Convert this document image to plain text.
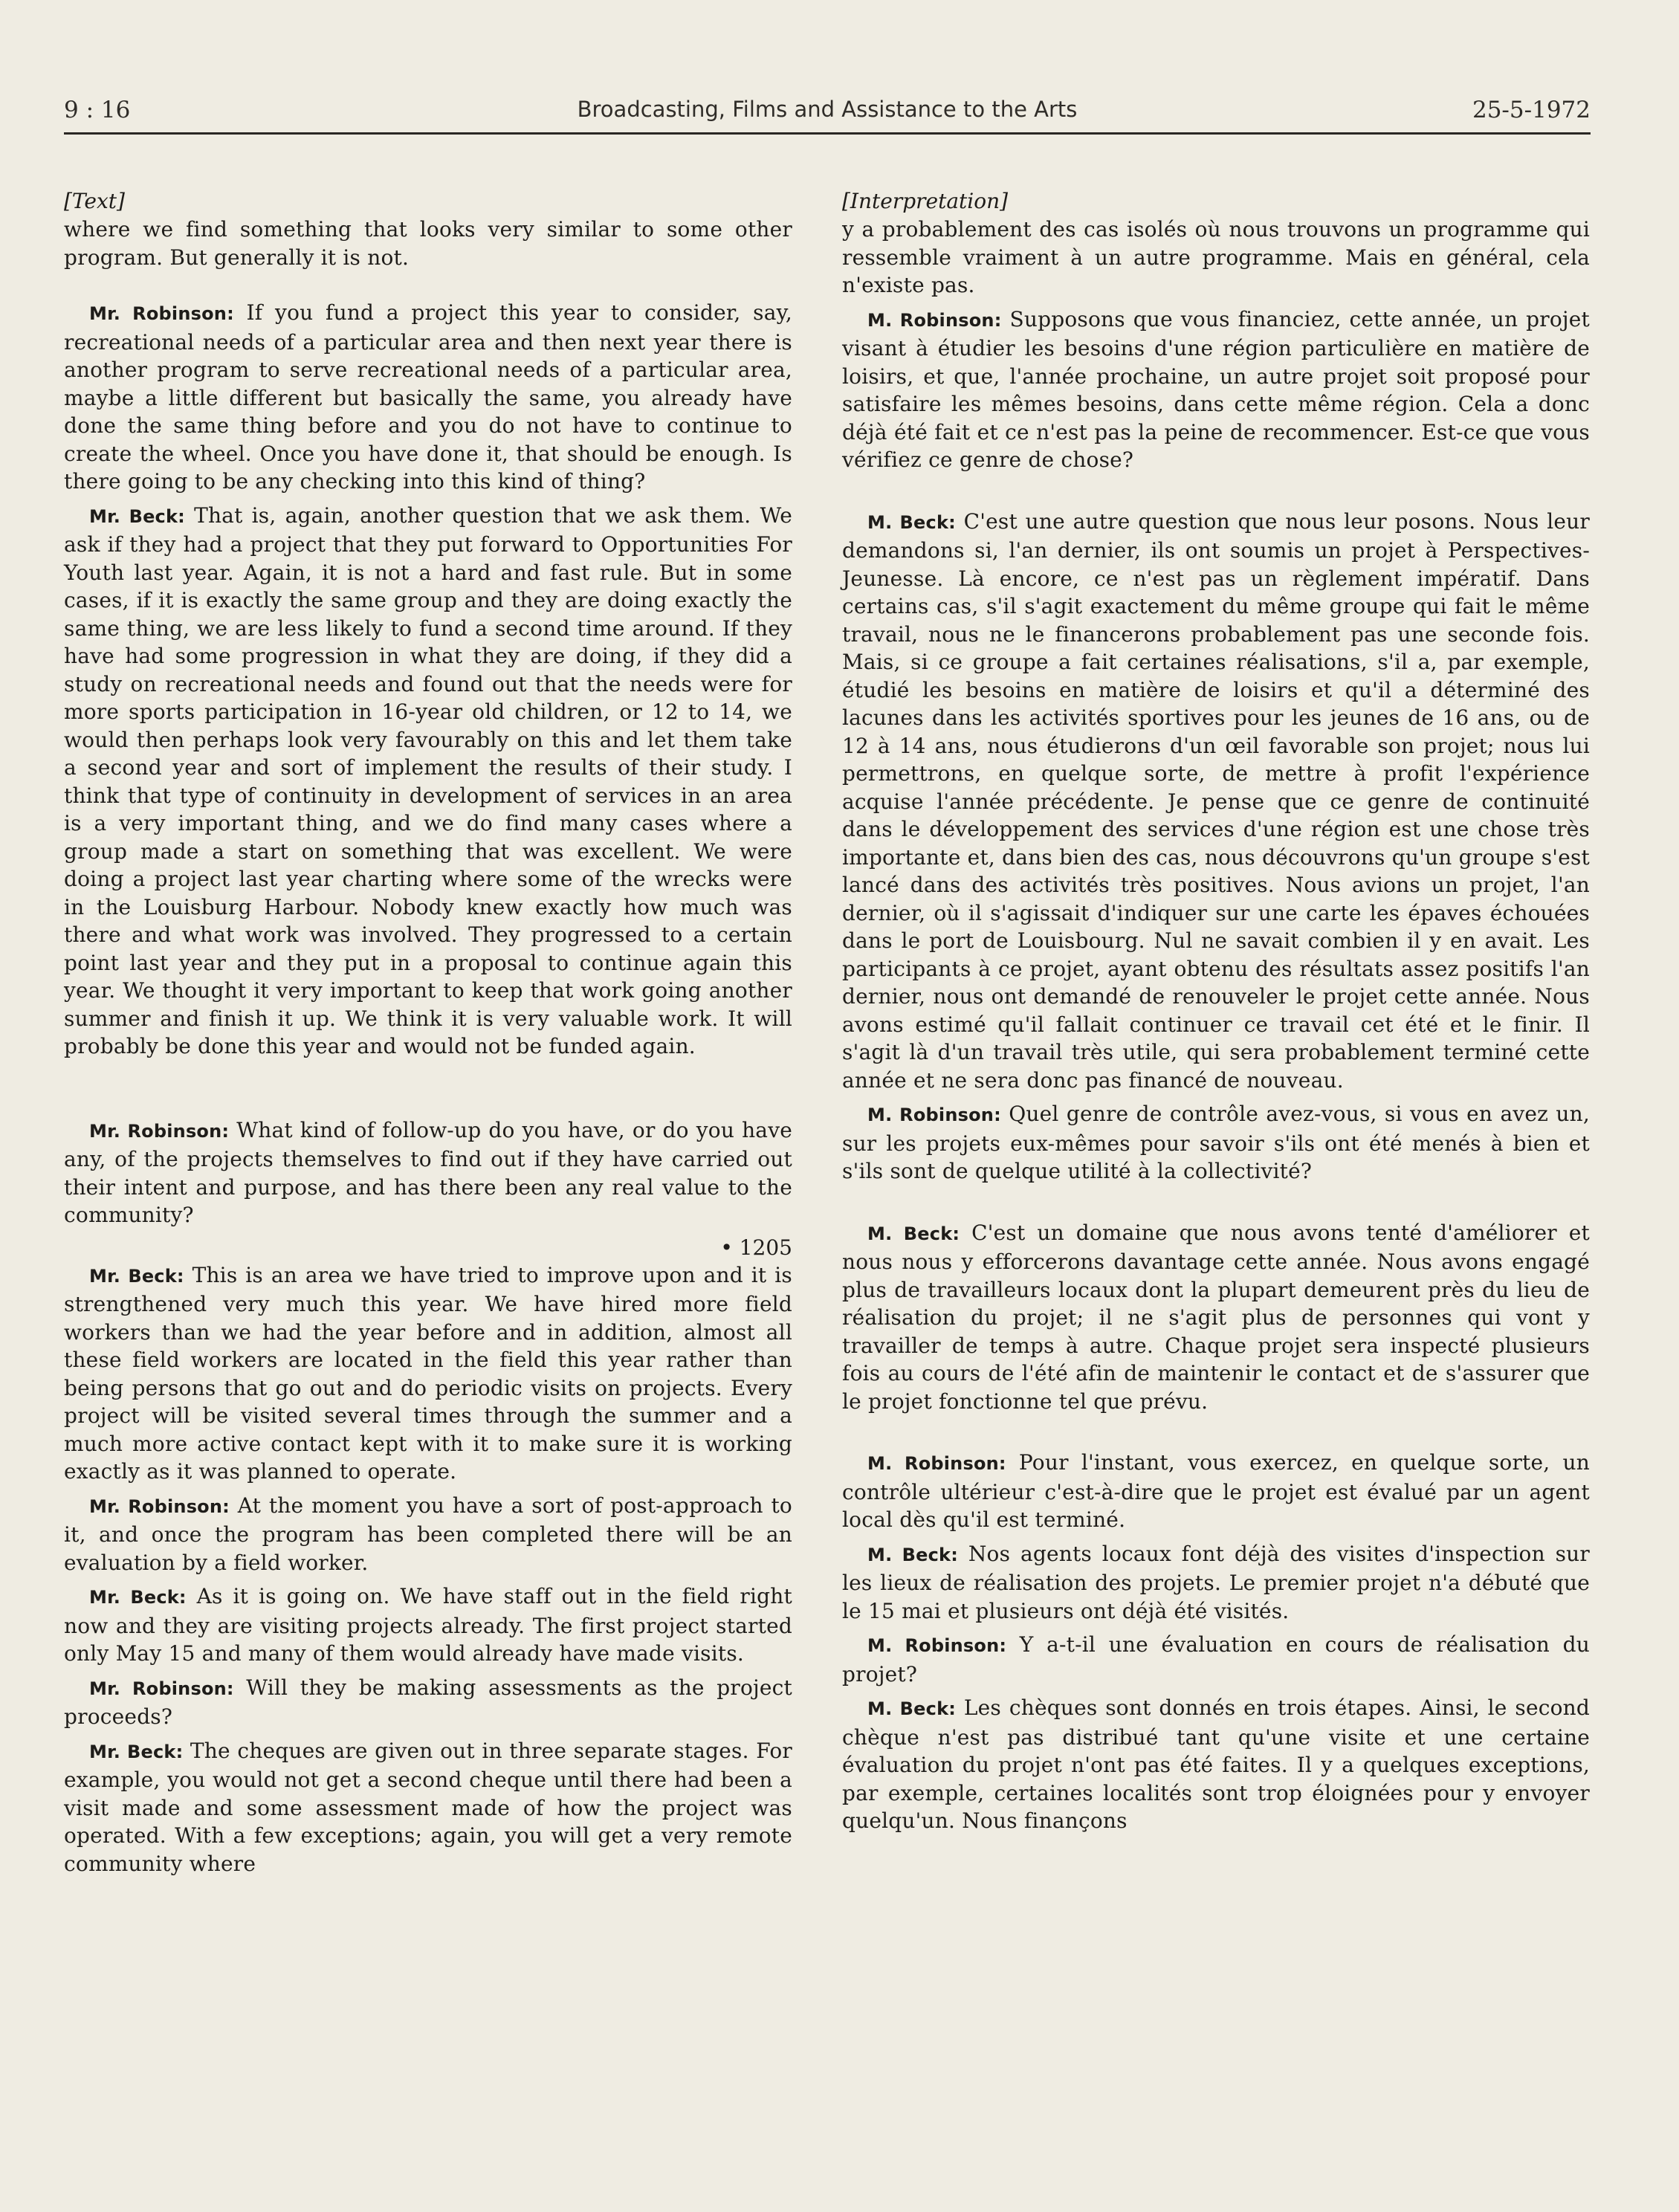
9 : 16	Broadcasting, Films and Assistance to the Arts	25-5-1972

[Text]

where we find something that looks very similar to some other program. But generally it is not.

Mr. Robinson: If you fund a project this year to consider, say, recreational needs of a particular area and then next year there is another program to serve recreational needs of a particular area, maybe a little different but basically the same, you already have done the same thing before and you do not have to continue to create the wheel. Once you have done it, that should be enough. Is there going to be any checking into this kind of thing?

Mr. Beck: That is, again, another question that we ask them. We ask if they had a project that they put forward to Opportunities For Youth last year. Again, it is not a hard and fast rule. But in some cases, if it is exactly the same group and they are doing exactly the same thing, we are less likely to fund a second time around. If they have had some progression in what they are doing, if they did a study on recreational needs and found out that the needs were for more sports participation in 16-year old children, or 12 to 14, we would then perhaps look very favourably on this and let them take a second year and sort of implement the results of their study. I think that type of continuity in development of services in an area is a very important thing, and we do find many cases where a group made a start on something that was excellent. We were doing a project last year charting where some of the wrecks were in the Louisburg Harbour. Nobody knew exactly how much was there and what work was involved. They progressed to a certain point last year and they put in a proposal to continue again this year. We thought it very important to keep that work going another summer and finish it up. We think it is very valuable work. It will probably be done this year and would not be funded again.

Mr. Robinson: What kind of follow-up do you have, or do you have any, of the projects themselves to find out if they have carried out their intent and purpose, and has there been any real value to the community?

• 1205

Mr. Beck: This is an area we have tried to improve upon and it is strengthened very much this year. We have hired more field workers than we had the year before and in addition, almost all these field workers are located in the field this year rather than being persons that go out and do periodic visits on projects. Every project will be visited several times through the summer and a much more active contact kept with it to make sure it is working exactly as it was planned to operate.

Mr. Robinson: At the moment you have a sort of post-approach to it, and once the program has been completed there will be an evaluation by a field worker.

Mr. Beck: As it is going on. We have staff out in the field right now and they are visiting projects already. The first project started only May 15 and many of them would already have made visits.

Mr. Robinson: Will they be making assessments as the project proceeds?

Mr. Beck: The cheques are given out in three separate stages. For example, you would not get a second cheque until there had been a visit made and some assessment made of how the project was operated. With a few exceptions; again, you will get a very remote community where

[Interpretation]

y a probablement des cas isolés où nous trouvons un programme qui ressemble vraiment à un autre programme. Mais en général, cela n'existe pas.

M. Robinson: Supposons que vous financiez, cette année, un projet visant à étudier les besoins d'une région particulière en matière de loisirs, et que, l'année prochaine, un autre projet soit proposé pour satisfaire les mêmes besoins, dans cette même région. Cela a donc déjà été fait et ce n'est pas la peine de recommencer. Est-ce que vous vérifiez ce genre de chose?

M. Beck: C'est une autre question que nous leur posons. Nous leur demandons si, l'an dernier, ils ont soumis un projet à Perspectives-Jeunesse. Là encore, ce n'est pas un règlement impératif. Dans certains cas, s'il s'agit exactement du même groupe qui fait le même travail, nous ne le financerons probablement pas une seconde fois. Mais, si ce groupe a fait certaines réalisations, s'il a, par exemple, étudié les besoins en matière de loisirs et qu'il a déterminé des lacunes dans les activités sportives pour les jeunes de 16 ans, ou de 12 à 14 ans, nous étudierons d'un œil favorable son projet; nous lui permettrons, en quelque sorte, de mettre à profit l'expérience acquise l'année précédente. Je pense que ce genre de continuité dans le développement des services d'une région est une chose très importante et, dans bien des cas, nous découvrons qu'un groupe s'est lancé dans des activités très positives. Nous avions un projet, l'an dernier, où il s'agissait d'indiquer sur une carte les épaves échouées dans le port de Louisbourg. Nul ne savait combien il y en avait. Les participants à ce projet, ayant obtenu des résultats assez positifs l'an dernier, nous ont demandé de renouveler le projet cette année. Nous avons estimé qu'il fallait continuer ce travail cet été et le finir. Il s'agit là d'un travail très utile, qui sera probablement terminé cette année et ne sera donc pas financé de nouveau.

M. Robinson: Quel genre de contrôle avez-vous, si vous en avez un, sur les projets eux-mêmes pour savoir s'ils ont été menés à bien et s'ils sont de quelque utilité à la collectivité?

M. Beck: C'est un domaine que nous avons tenté d'améliorer et nous nous y efforcerons davantage cette année. Nous avons engagé plus de travailleurs locaux dont la plupart demeurent près du lieu de réalisation du projet; il ne s'agit plus de personnes qui vont y travailler de temps à autre. Chaque projet sera inspecté plusieurs fois au cours de l'été afin de maintenir le contact et de s'assurer que le projet fonctionne tel que prévu.

M. Robinson: Pour l'instant, vous exercez, en quelque sorte, un contrôle ultérieur c'est-à-dire que le projet est évalué par un agent local dès qu'il est terminé.

M. Beck: Nos agents locaux font déjà des visites d'inspection sur les lieux de réalisation des projets. Le premier projet n'a débuté que le 15 mai et plusieurs ont déjà été visités.

M. Robinson: Y a-t-il une évaluation en cours de réalisation du projet?

M. Beck: Les chèques sont donnés en trois étapes. Ainsi, le second chèque n'est pas distribué tant qu'une visite et une certaine évaluation du projet n'ont pas été faites. Il y a quelques exceptions, par exemple, certaines localités sont trop éloignées pour y envoyer quelqu'un. Nous finançons
